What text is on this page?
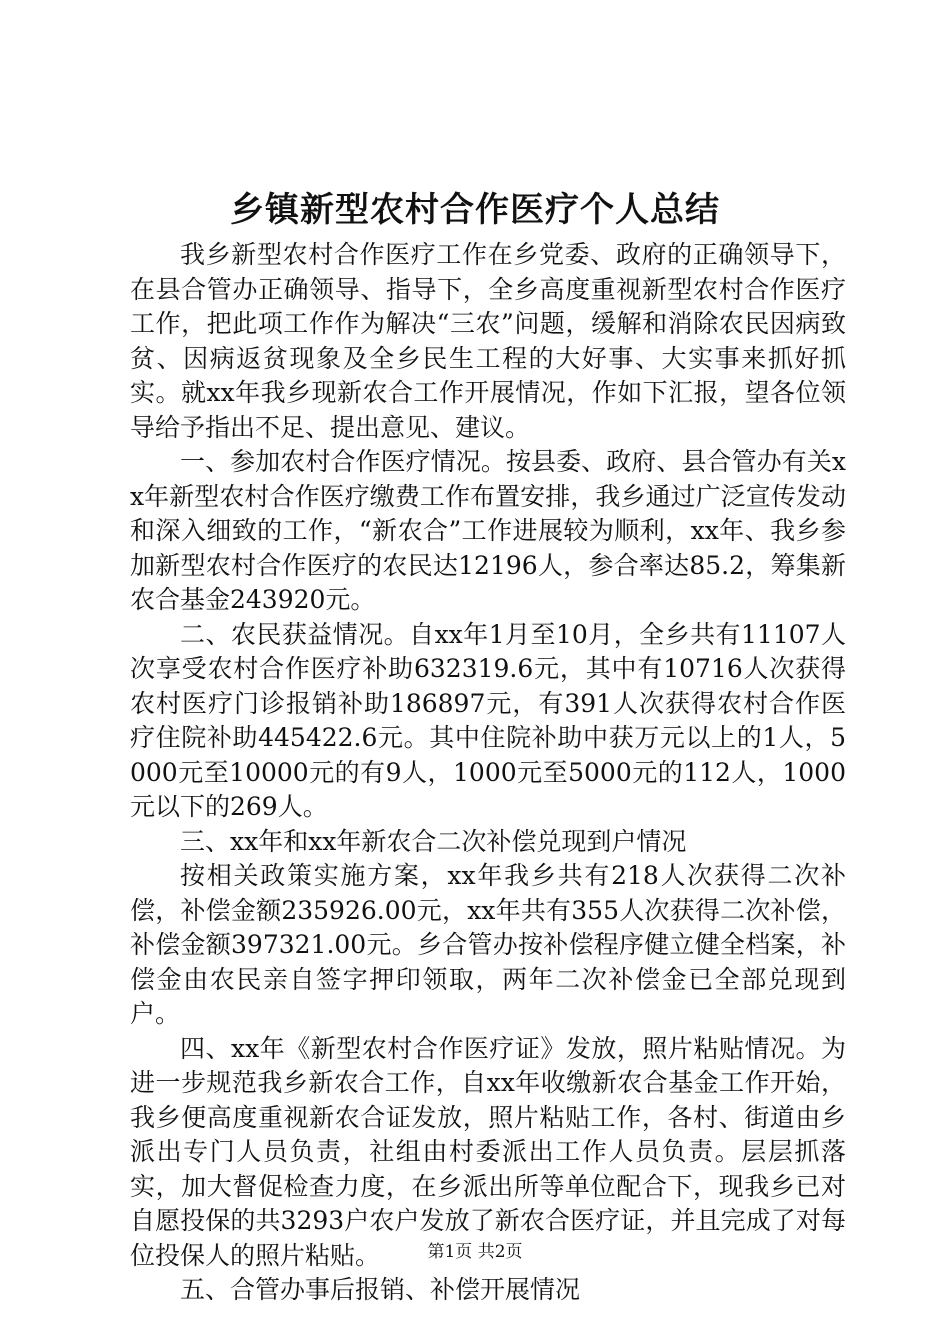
乡镇新型农村合作医疗个人总结

我乡新型农村合作医疗工作在乡党委、政府的正确领导下，在县合管办正确领导、指导下，全乡高度重视新型农村合作医疗工作，把此项工作作为解决“三农”问题，缓解和消除农民因病致贫、因病返贫现象及全乡民生工程的大好事、大实事来抓好抓实。就xx年我乡现新农合工作开展情况，作如下汇报，望各位领导给予指出不足、提出意见、建议。

一、参加农村合作医疗情况。按县委、政府、县合管办有关xx年新型农村合作医疗缴费工作布置安排，我乡通过广泛宣传发动和深入细致的工作，“新农合”工作进展较为顺利，xx年、我乡参加新型农村合作医疗的农民达12196人，参合率达85.2，筹集新农合基金243920元。

二、农民获益情况。自xx年1月至10月，全乡共有11107人次享受农村合作医疗补助632319.6元，其中有10716人次获得农村医疗门诊报销补助186897元，有391人次获得农村合作医疗住院补助445422.6元。其中住院补助中获万元以上的1人，5000元至10000元的有9人，1000元至5000元的112人，1000元以下的269人。

三、xx年和xx年新农合二次补偿兑现到户情况

按相关政策实施方案，xx年我乡共有218人次获得二次补偿，补偿金额235926.00元，xx年共有355人次获得二次补偿，补偿金额397321.00元。乡合管办按补偿程序健立健全档案，补偿金由农民亲自签字押印领取，两年二次补偿金已全部兑现到户。

四、xx年《新型农村合作医疗证》发放，照片粘贴情况。为进一步规范我乡新农合工作，自xx年收缴新农合基金工作开始，我乡便高度重视新农合证发放，照片粘贴工作，各村、街道由乡派出专门人员负责，社组由村委派出工作人员负责。层层抓落实，加大督促检查力度，在乡派出所等单位配合下，现我乡已对自愿投保的共3293户农户发放了新农合医疗证，并且完成了对每位投保人的照片粘贴。

五、合管办事后报销、补偿开展情况

第1页 共2页
